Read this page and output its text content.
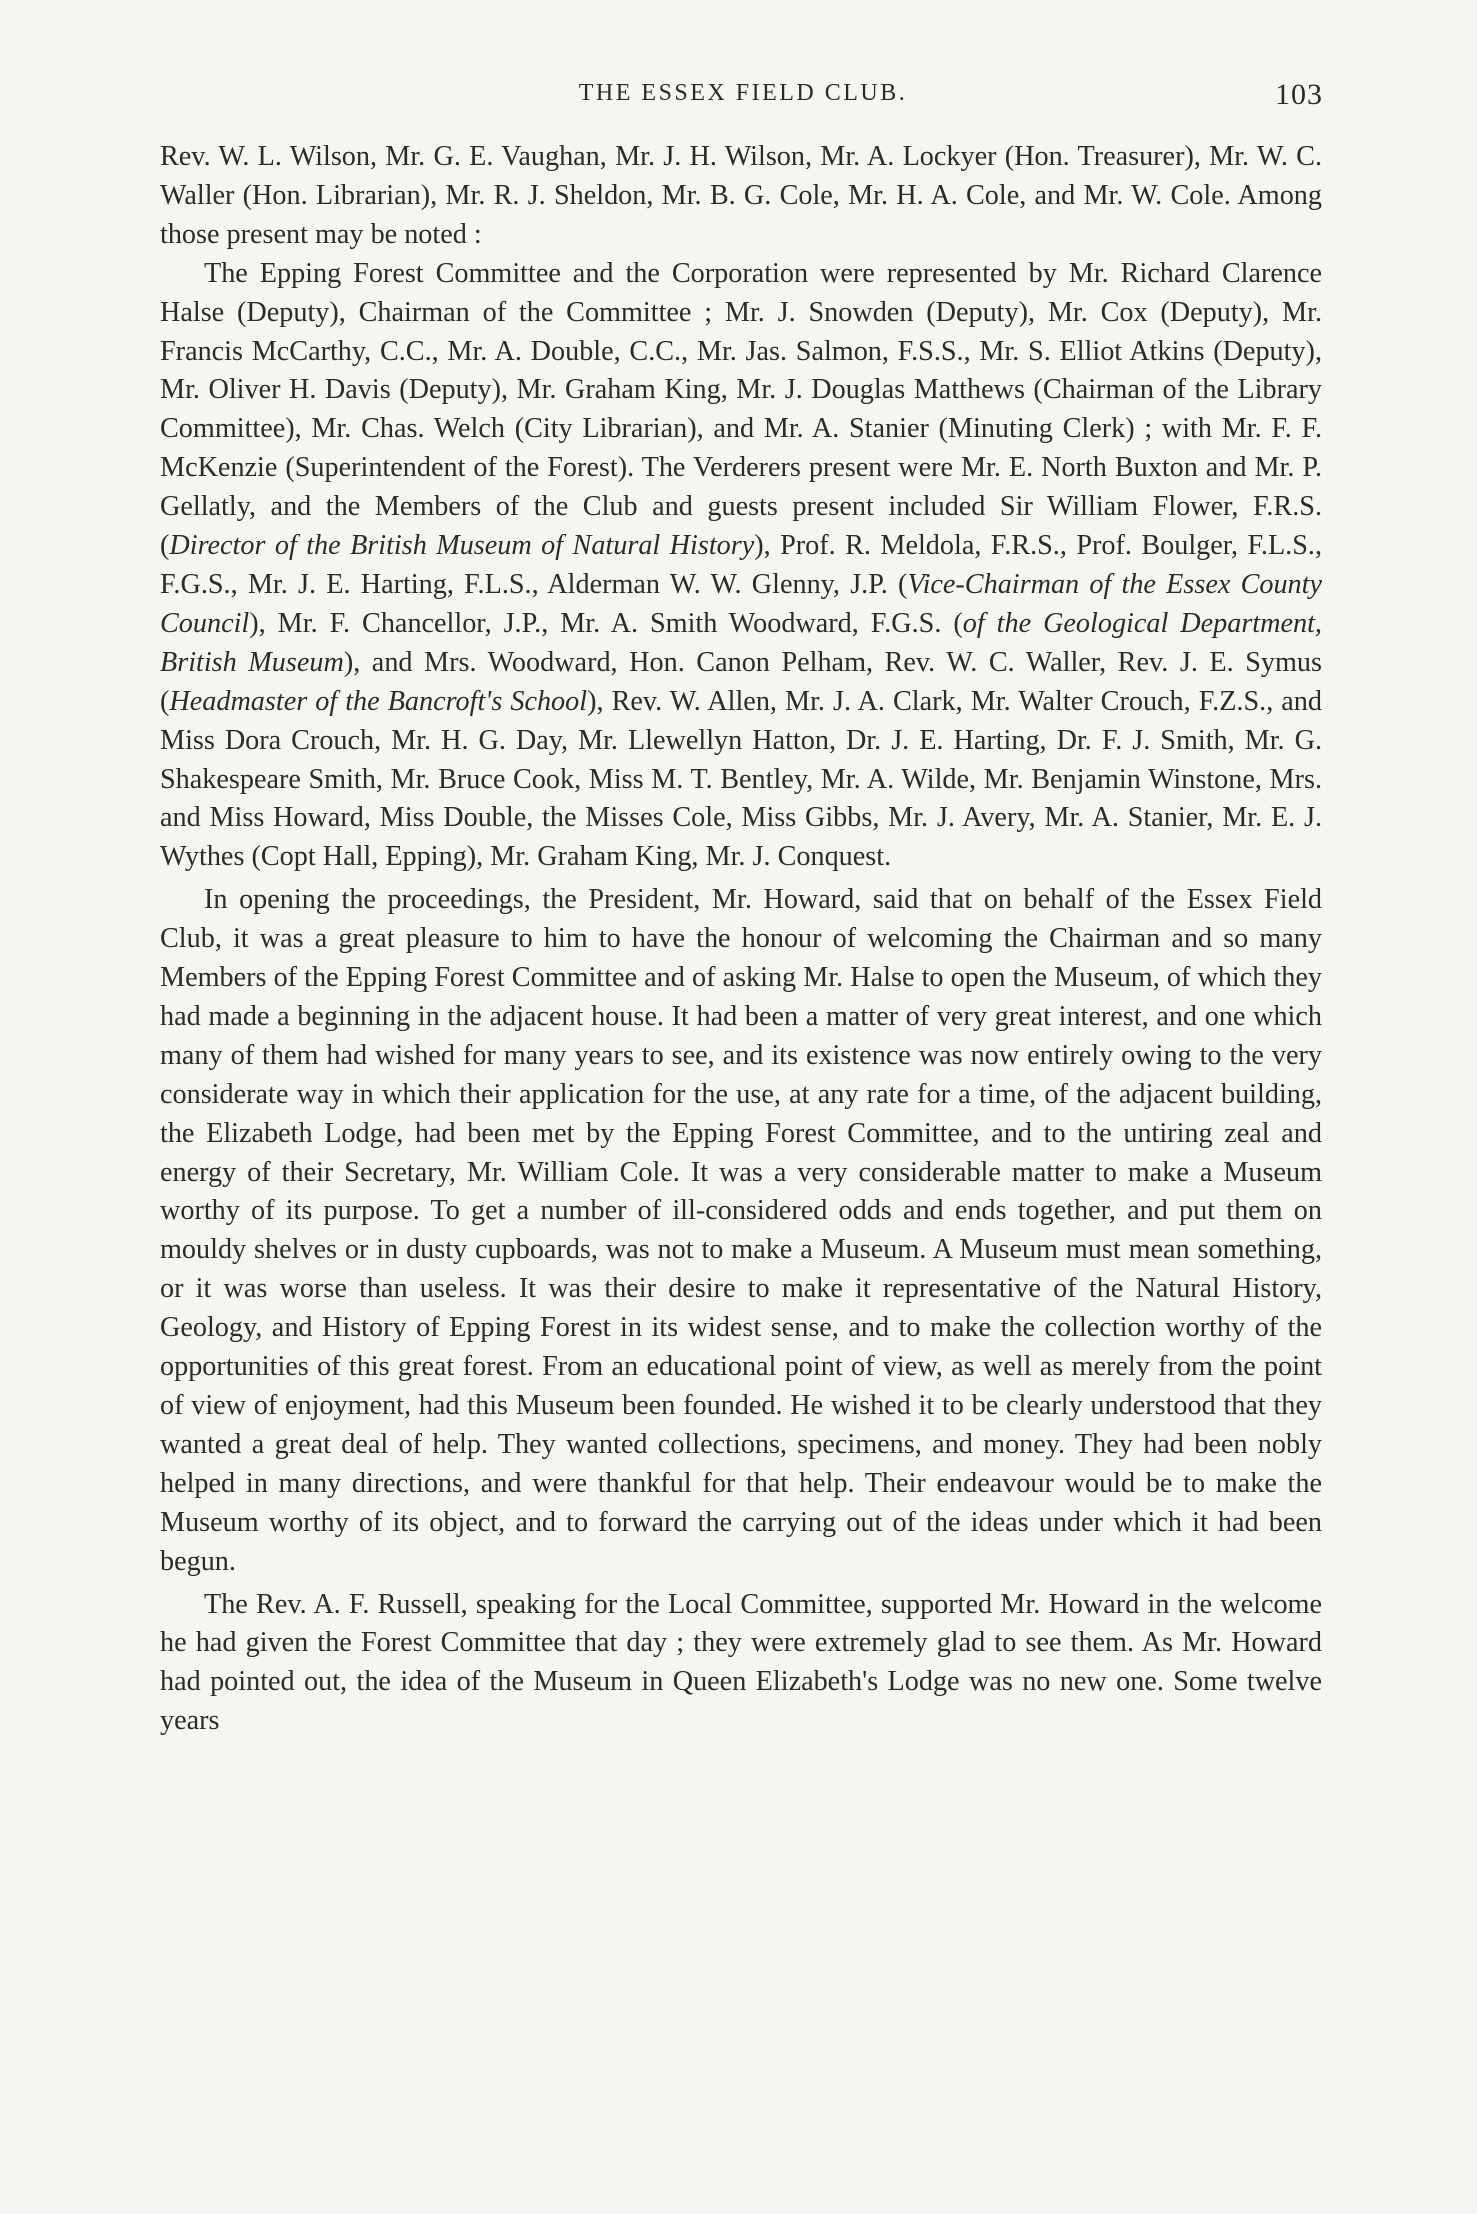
THE ESSEX FIELD CLUB.	103

Rev. W. L. Wilson, Mr. G. E. Vaughan, Mr. J. H. Wilson, Mr. A. Lockyer (Hon. Treasurer), Mr. W. C. Waller (Hon. Librarian), Mr. R. J. Sheldon, Mr. B. G. Cole, Mr. H. A. Cole, and Mr. W. Cole. Among those present may be noted :

The Epping Forest Committee and the Corporation were represented by Mr. Richard Clarence Halse (Deputy), Chairman of the Committee ; Mr. J. Snowden (Deputy), Mr. Cox (Deputy), Mr. Francis McCarthy, C.C., Mr. A. Double, C.C., Mr. Jas. Salmon, F.S.S., Mr. S. Elliot Atkins (Deputy), Mr. Oliver H. Davis (Deputy), Mr. Graham King, Mr. J. Douglas Matthews (Chairman of the Library Committee), Mr. Chas. Welch (City Librarian), and Mr. A. Stanier (Minuting Clerk) ; with Mr. F. F. McKenzie (Superintendent of the Forest). The Verderers present were Mr. E. North Buxton and Mr. P. Gellatly, and the Members of the Club and guests present included Sir William Flower, F.R.S. (Director of the British Museum of Natural History), Prof. R. Meldola, F.R.S., Prof. Boulger, F.L.S., F.G.S., Mr. J. E. Harting, F.L.S., Alderman W. W. Glenny, J.P. (Vice-Chairman of the Essex County Council), Mr. F. Chancellor, J.P., Mr. A. Smith Woodward, F.G.S. (of the Geological Department, British Museum), and Mrs. Woodward, Hon. Canon Pelham, Rev. W. C. Waller, Rev. J. E. Symus (Headmaster of the Bancroft's School), Rev. W. Allen, Mr. J. A. Clark, Mr. Walter Crouch, F.Z.S., and Miss Dora Crouch, Mr. H. G. Day, Mr. Llewellyn Hatton, Dr. J. E. Harting, Dr. F. J. Smith, Mr. G. Shakespeare Smith, Mr. Bruce Cook, Miss M. T. Bentley, Mr. A. Wilde, Mr. Benjamin Winstone, Mrs. and Miss Howard, Miss Double, the Misses Cole, Miss Gibbs, Mr. J. Avery, Mr. A. Stanier, Mr. E. J. Wythes (Copt Hall, Epping), Mr. Graham King, Mr. J. Conquest.

In opening the proceedings, the President, Mr. Howard, said that on behalf of the Essex Field Club, it was a great pleasure to him to have the honour of welcoming the Chairman and so many Members of the Epping Forest Committee and of asking Mr. Halse to open the Museum, of which they had made a beginning in the adjacent house. It had been a matter of very great interest, and one which many of them had wished for many years to see, and its existence was now entirely owing to the very considerate way in which their application for the use, at any rate for a time, of the adjacent building, the Elizabeth Lodge, had been met by the Epping Forest Committee, and to the untiring zeal and energy of their Secretary, Mr. William Cole. It was a very considerable matter to make a Museum worthy of its purpose. To get a number of ill-considered odds and ends together, and put them on mouldy shelves or in dusty cupboards, was not to make a Museum. A Museum must mean something, or it was worse than useless. It was their desire to make it representative of the Natural History, Geology, and History of Epping Forest in its widest sense, and to make the collection worthy of the opportunities of this great forest. From an educational point of view, as well as merely from the point of view of enjoyment, had this Museum been founded. He wished it to be clearly understood that they wanted a great deal of help. They wanted collections, specimens, and money. They had been nobly helped in many directions, and were thankful for that help. Their endeavour would be to make the Museum worthy of its object, and to forward the carrying out of the ideas under which it had been begun.

The Rev. A. F. Russell, speaking for the Local Committee, supported Mr. Howard in the welcome he had given the Forest Committee that day ; they were extremely glad to see them. As Mr. Howard had pointed out, the idea of the Museum in Queen Elizabeth's Lodge was no new one. Some twelve years
